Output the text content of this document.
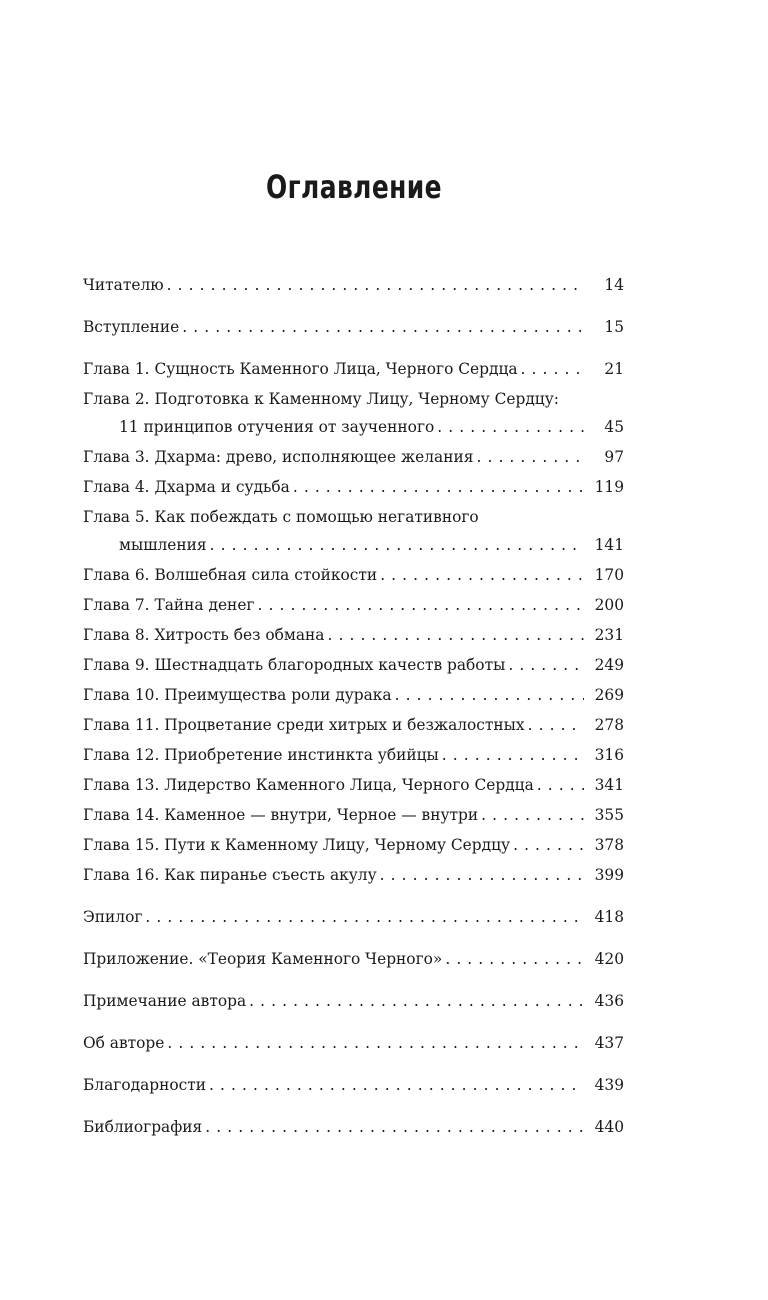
Оглавление
Читателю . . .	14
Вступление . . .	15
Глава 1. Сущность Каменного Лица, Черного Сердца . . .	21
Глава 2. Подготовка к Каменному Лицу, Черному Сердцу:
11 принципов отучения от заученного . . .	45
Глава 3. Дхарма: древо, исполняющее желания . . .	97
Глава 4. Дхарма и судьба . . .	119
Глава 5. Как побеждать с помощью негативного
мышления . . .	141
Глава 6. Волшебная сила стойкости . . .	170
Глава 7. Тайна денег . . .	200
Глава 8. Хитрость без обмана . . .	231
Глава 9. Шестнадцать благородных качеств работы . . .	249
Глава 10. Преимущества роли дурака . . .	269
Глава 11. Процветание среди хитрых и безжалостных . . .	278
Глава 12. Приобретение инстинкта убийцы . . .	316
Глава 13. Лидерство Каменного Лица, Черного Сердца . . .	341
Глава 14. Каменное — внутри, Черное — внутри . . .	355
Глава 15. Пути к Каменному Лицу, Черному Сердцу . . .	378
Глава 16. Как пиранье съесть акулу . . .	399
Эпилог . . .	418
Приложение. «Теория Каменного Черного» . . .	420
Примечание автора . . .	436
Об авторе . . .	437
Благодарности . . .	439
Библиография . . .	440
